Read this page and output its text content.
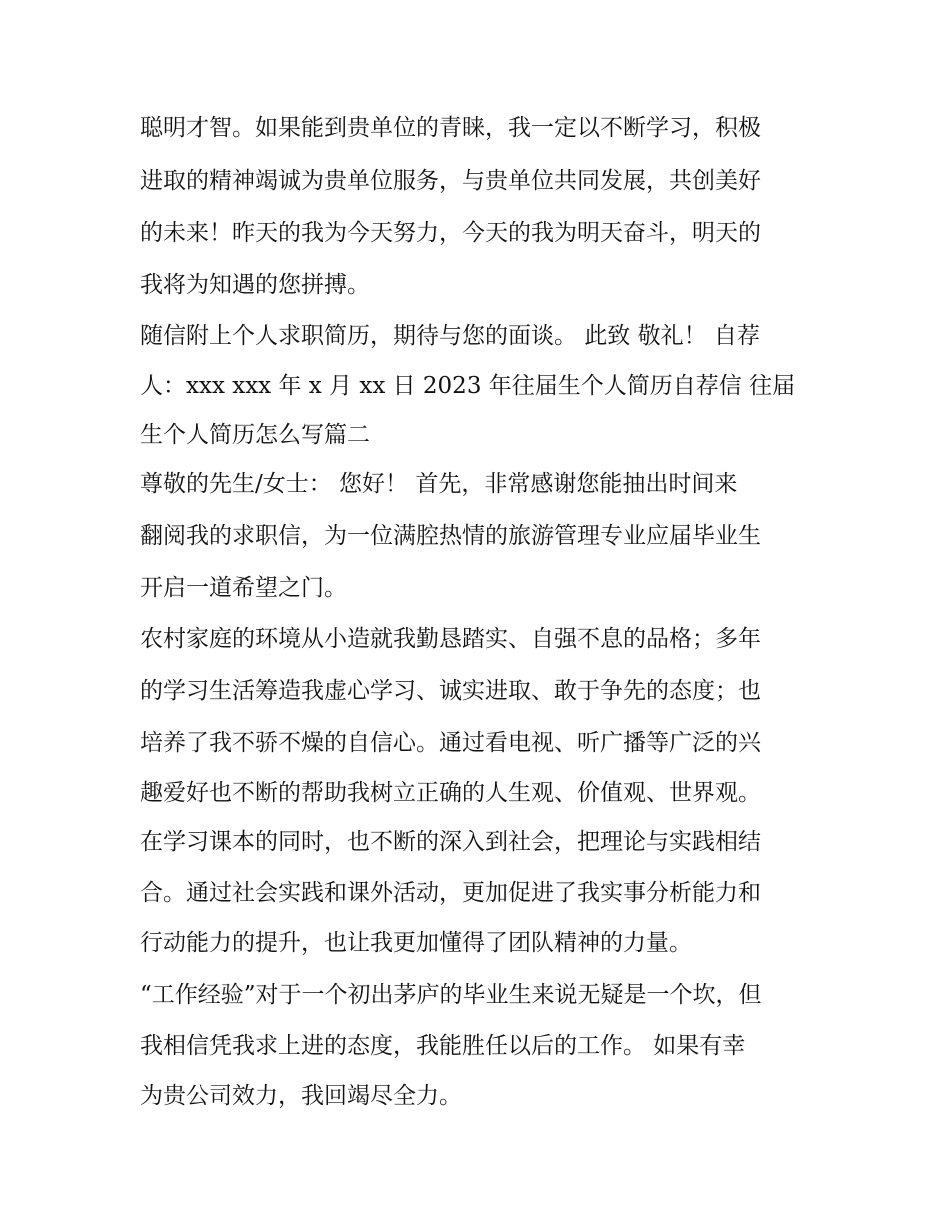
聪明才智。如果能到贵单位的青睐，我一定以不断学习，积极
进取的精神竭诚为贵单位服务，与贵单位共同发展，共创美好
的未来！昨天的我为今天努力，今天的我为明天奋斗，明天的
我将为知遇的您拼搏。
随信附上个人求职简历，期待与您的面谈。 此致 敬礼！ 自荐
人：xxx xxx 年 x 月 xx 日 2023 年往届生个人简历自荐信 往届
生个人简历怎么写篇二
尊敬的先生/女士： 您好！ 首先，非常感谢您能抽出时间来
翻阅我的求职信，为一位满腔热情的旅游管理专业应届毕业生
开启一道希望之门。
农村家庭的环境从小造就我勤恳踏实、自强不息的品格；多年
的学习生活筹造我虚心学习、诚实进取、敢于争先的态度；也
培养了我不骄不燥的自信心。通过看电视、听广播等广泛的兴
趣爱好也不断的帮助我树立正确的人生观、价值观、世界观。
在学习课本的同时，也不断的深入到社会，把理论与实践相结
合。通过社会实践和课外活动，更加促进了我实事分析能力和
行动能力的提升，也让我更加懂得了团队精神的力量。
“工作经验”对于一个初出茅庐的毕业生来说无疑是一个坎，但
我相信凭我求上进的态度，我能胜任以后的工作。 如果有幸
为贵公司效力，我回竭尽全力。
